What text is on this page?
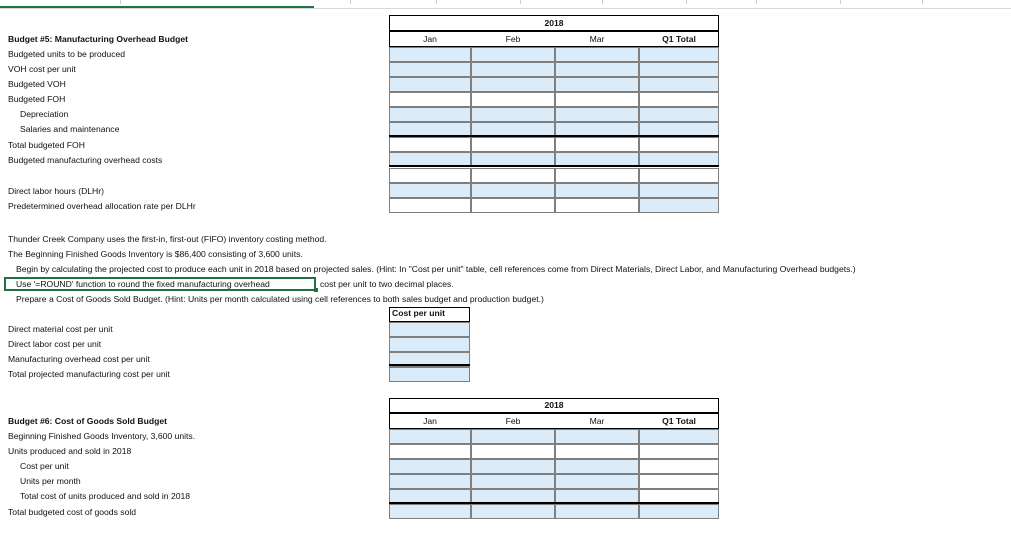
2018
Jan	Feb	Mar	Q1 Total
Budget #5: Manufacturing Overhead Budget
Budgeted units to be produced
VOH cost per unit
Budgeted VOH
Budgeted FOH
Depreciation
Salaries and maintenance
Total budgeted FOH
Budgeted manufacturing overhead costs
Direct labor hours (DLHr)
Predetermined overhead allocation rate per DLHr
Thunder Creek Company uses the first-in, first-out (FIFO) inventory costing method.
The Beginning Finished Goods Inventory is $86,400 consisting of 3,600 units.
Begin by calculating the projected cost to produce each unit in 2018 based on projected sales. (Hint: In "Cost per unit" table, cell references come from Direct Materials, Direct Labor, and Manufacturing Overhead budgets.)
Use '=ROUND' function to round the fixed manufacturing overhead	cost per unit to two decimal places.
Prepare a Cost of Goods Sold Budget. (Hint: Units per month calculated using cell references to both sales budget and production budget.)
Cost per unit
Direct material cost per unit
Direct labor cost per unit
Manufacturing overhead cost per unit
Total projected manufacturing cost per unit
2018
Jan	Feb	Mar	Q1 Total
Budget #6: Cost of Goods Sold Budget
Beginning Finished Goods Inventory, 3,600 units.
Units produced and sold in 2018
Cost per unit
Units per month
Total cost of units produced and sold in 2018
Total budgeted cost of goods sold
